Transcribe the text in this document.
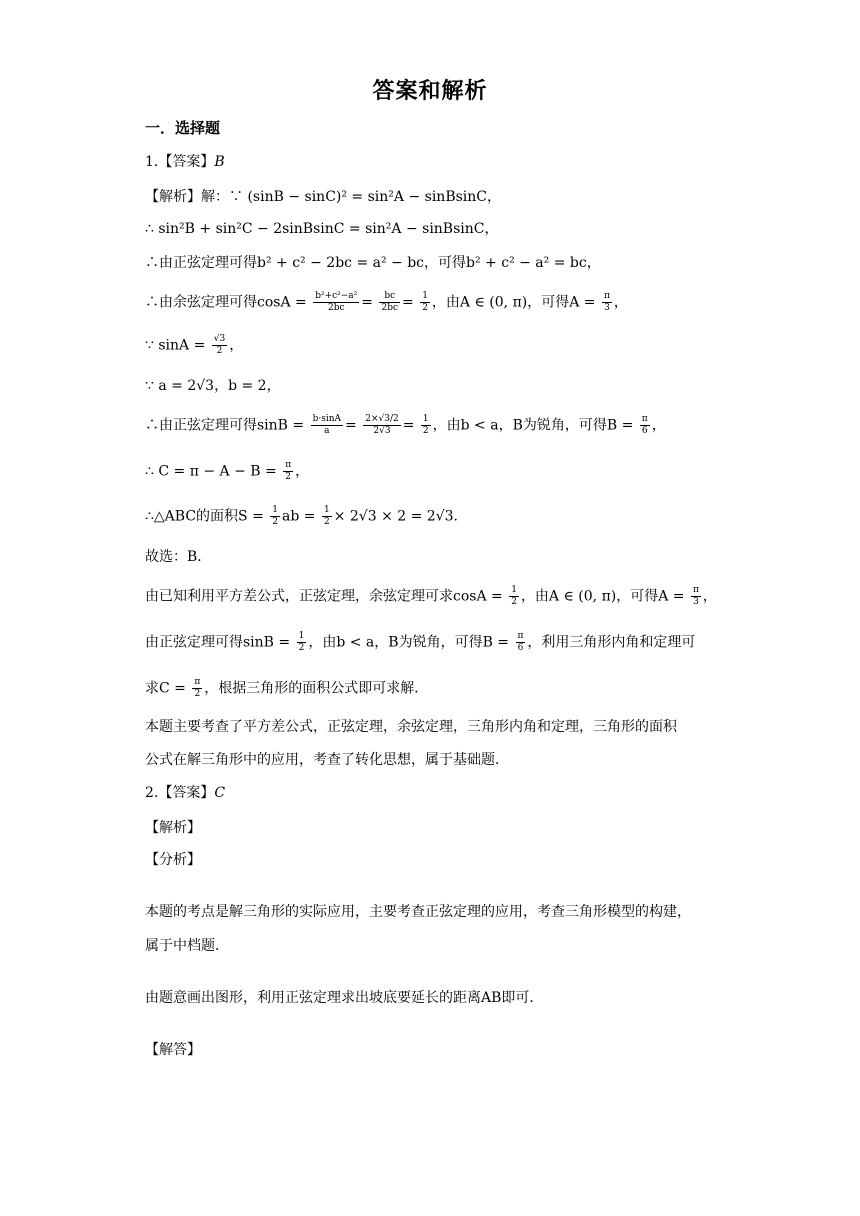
答案和解析
一．选择题
1.【答案】B
【解析】解：∵ (sinB − sinC)² = sin²A − sinBsinC，
∴ sin²B + sin²C − 2sinBsinC = sin²A − sinBsinC，
∴由正弦定理可得b² + c² − 2bc = a² − bc，可得b² + c² − a² = bc，
∴由余弦定理可得$\cos A = \frac{\text{b²+c²−a²}}{2bc} = \frac{bc}{2bc} = \frac{1}{2}$ ，由A ∈ (0, π)，可得$A = \frac{\pi}{3}$ ，
∵ $\sin A = \frac{√3}{2}$ ，
∵ a = 2√3，b = 2，
∴由正弦定理可得$\sin B = \frac{b\cdot\sin A}{a} = \frac{2\times√3/2}{2√3} = \frac{1}{2}$ ，由b < a，B为锐角，可得$B = \frac{\pi}{6}$ ，
∴ $C = \pi - A - B = \frac{\pi}{2}$ ，
∴△ABC的面积$S = \frac{1}{2}$ ab = $\frac{1}{2} \times 2√3 \times 2 = 2√3$．
故选：B．
由已知利用平方差公式，正弦定理，余弦定理可求$\cos A = \frac{1}{2}$ ，由A ∈ (0, π)，可得$A = \frac{\pi}{3}$ ，
由正弦定理可得$\sin B = \frac{1}{2}$ ，由b < a，B为锐角，可得$B = \frac{\pi}{6}$ ，利用三角形内角和定理可
求$C = \frac{\pi}{2}$ ，根据三角形的面积公式即可求解．
本题主要考查了平方差公式，正弦定理，余弦定理，三角形内角和定理，三角形的面积
公式在解三角形中的应用，考查了转化思想，属于基础题．
2.【答案】C
【解析】
【分析】
本题的考点是解三角形的实际应用，主要考查正弦定理的应用，考查三角形模型的构建，
属于中档题．
由题意画出图形，利用正弦定理求出坡底要延长的距离AB即可．
【解答】
